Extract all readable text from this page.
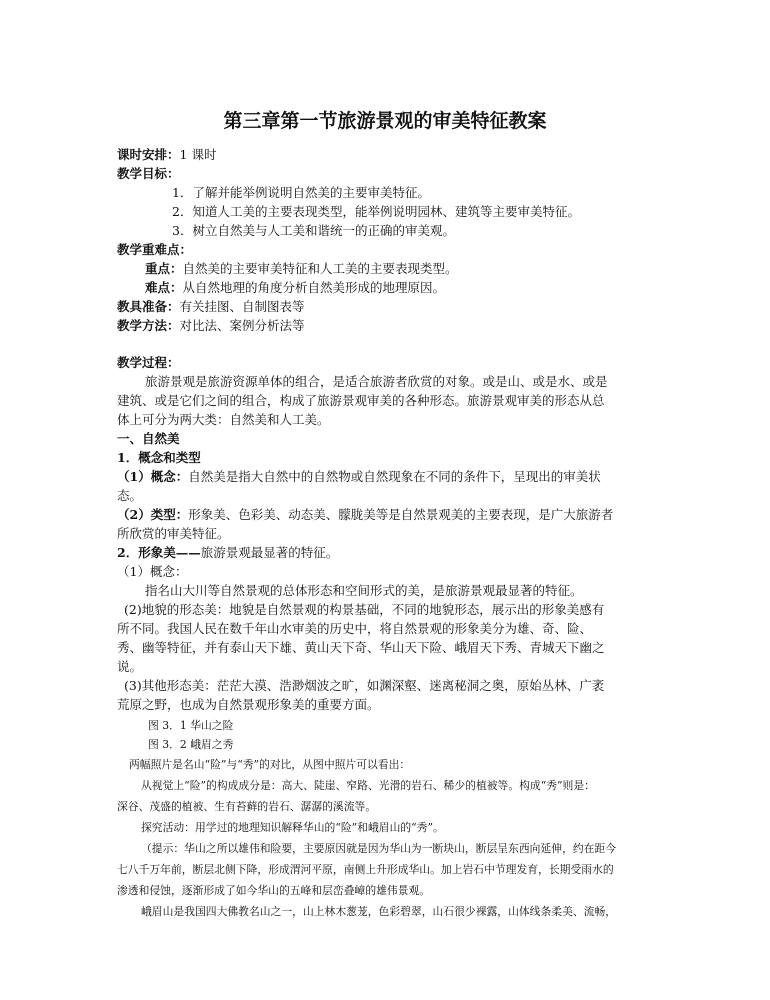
第三章第一节旅游景观的审美特征教案

课时安排：1 课时

教学目标：

1．了解并能举例说明自然美的主要审美特征。

2．知道人工美的主要表现类型，能举例说明园林、建筑等主要审美特征。

3．树立自然美与人工美和谐统一的正确的审美观。

教学重难点：

重点：自然美的主要审美特征和人工美的主要表现类型。

难点：从自然地理的角度分析自然美形成的地理原因。

教具准备：有关挂图、自制图表等

教学方法：对比法、案例分析法等

教学过程：

旅游景观是旅游资源单体的组合，是适合旅游者欣赏的对象。或是山、或是水、或是

建筑、或是它们之间的组合，构成了旅游景观审美的各种形态。旅游景观审美的形态从总

体上可分为两大类：自然美和人工美。

一、自然美

1．概念和类型

（1）概念：自然美是指大自然中的自然物或自然现象在不同的条件下，呈现出的审美状

态。

（2）类型：形象美、色彩美、动态美、朦胧美等是自然景观美的主要表现，是广大旅游者

所欣赏的审美特征。

2．形象美——旅游景观最显著的特征。

（1）概念：

指名山大川等自然景观的总体形态和空间形式的美，是旅游景观最显著的特征。

(2)地貌的形态美：地貌是自然景观的构景基础，不同的地貌形态，展示出的形象美感有

所不同。我国人民在数千年山水审美的历史中，将自然景观的形象美分为雄、奇、险、

秀、幽等特征，并有泰山天下雄、黄山天下奇、华山天下险、峨眉天下秀、青城天下幽之

说。

(3)其他形态美：茫茫大漠、浩渺烟波之旷，如渊深壑、迷离秘洞之奥，原始丛林、广袤

荒原之野，也成为自然景观形象美的重要方面。

图 3．1 华山之险

图 3．2 峨眉之秀

两幅照片是名山“险”与“秀”的对比，从图中照片可以看出：

从视觉上“险”的构成成分是：高大、陡崖、窄路、光滑的岩石、稀少的植被等。构成“秀”则是：

深谷、茂盛的植被、生有苔藓的岩石、潺潺的溪流等。

探究活动：用学过的地理知识解释华山的“险”和峨眉山的“秀”。

（提示：华山之所以雄伟和险要，主要原因就是因为华山为一断块山，断层呈东西向延伸，约在距今

七八千万年前，断层北侧下降，形成渭河平原，南侧上升形成华山。加上岩石中节理发育，长期受雨水的

渗透和侵蚀，逐渐形成了如今华山的五峰和层峦叠嶂的雄伟景观。

峨眉山是我国四大佛教名山之一，山上林木葱茏，色彩碧翠，山石很少裸露，山体线条柔美、流畅，
